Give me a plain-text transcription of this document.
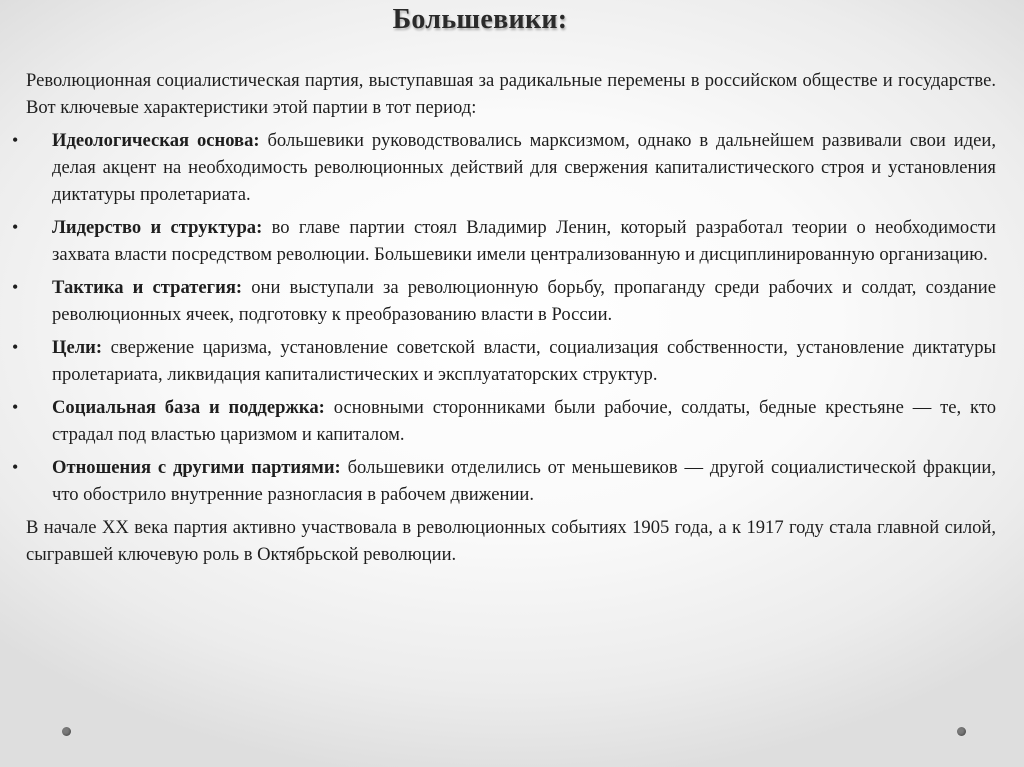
Большевики:

Революционная социалистическая партия, выступавшая за радикальные перемены в российском обществе и государстве. Вот ключевые характеристики этой партии в тот период:

• Идеологическая основа: большевики руководствовались марксизмом, однако в дальнейшем развивали свои идеи, делая акцент на необходимость революционных действий для свержения капиталистического строя и установления диктатуры пролетариата.
• Лидерство и структура: во главе партии стоял Владимир Ленин, который разработал теории о необходимости захвата власти посредством революции. Большевики имели централизованную и дисциплинированную организацию.
• Тактика и стратегия: они выступали за революционную борьбу, пропаганду среди рабочих и солдат, создание революционных ячеек, подготовку к преобразованию власти в России.
• Цели: свержение царизма, установление советской власти, социализация собственности, установление диктатуры пролетариата, ликвидация капиталистических и эксплуататорских структур.
• Социальная база и поддержка: основными сторонниками были рабочие, солдаты, бедные крестьяне — те, кто страдал под властью царизмом и капиталом.
• Отношения с другими партиями: большевики отделились от меньшевиков — другой социалистической фракции, что обострило внутренние разногласия в рабочем движении.

В начале XX века партия активно участвовала в революционных событиях 1905 года, а к 1917 году стала главной силой, сыгравшей ключевую роль в Октябрьской революции.
